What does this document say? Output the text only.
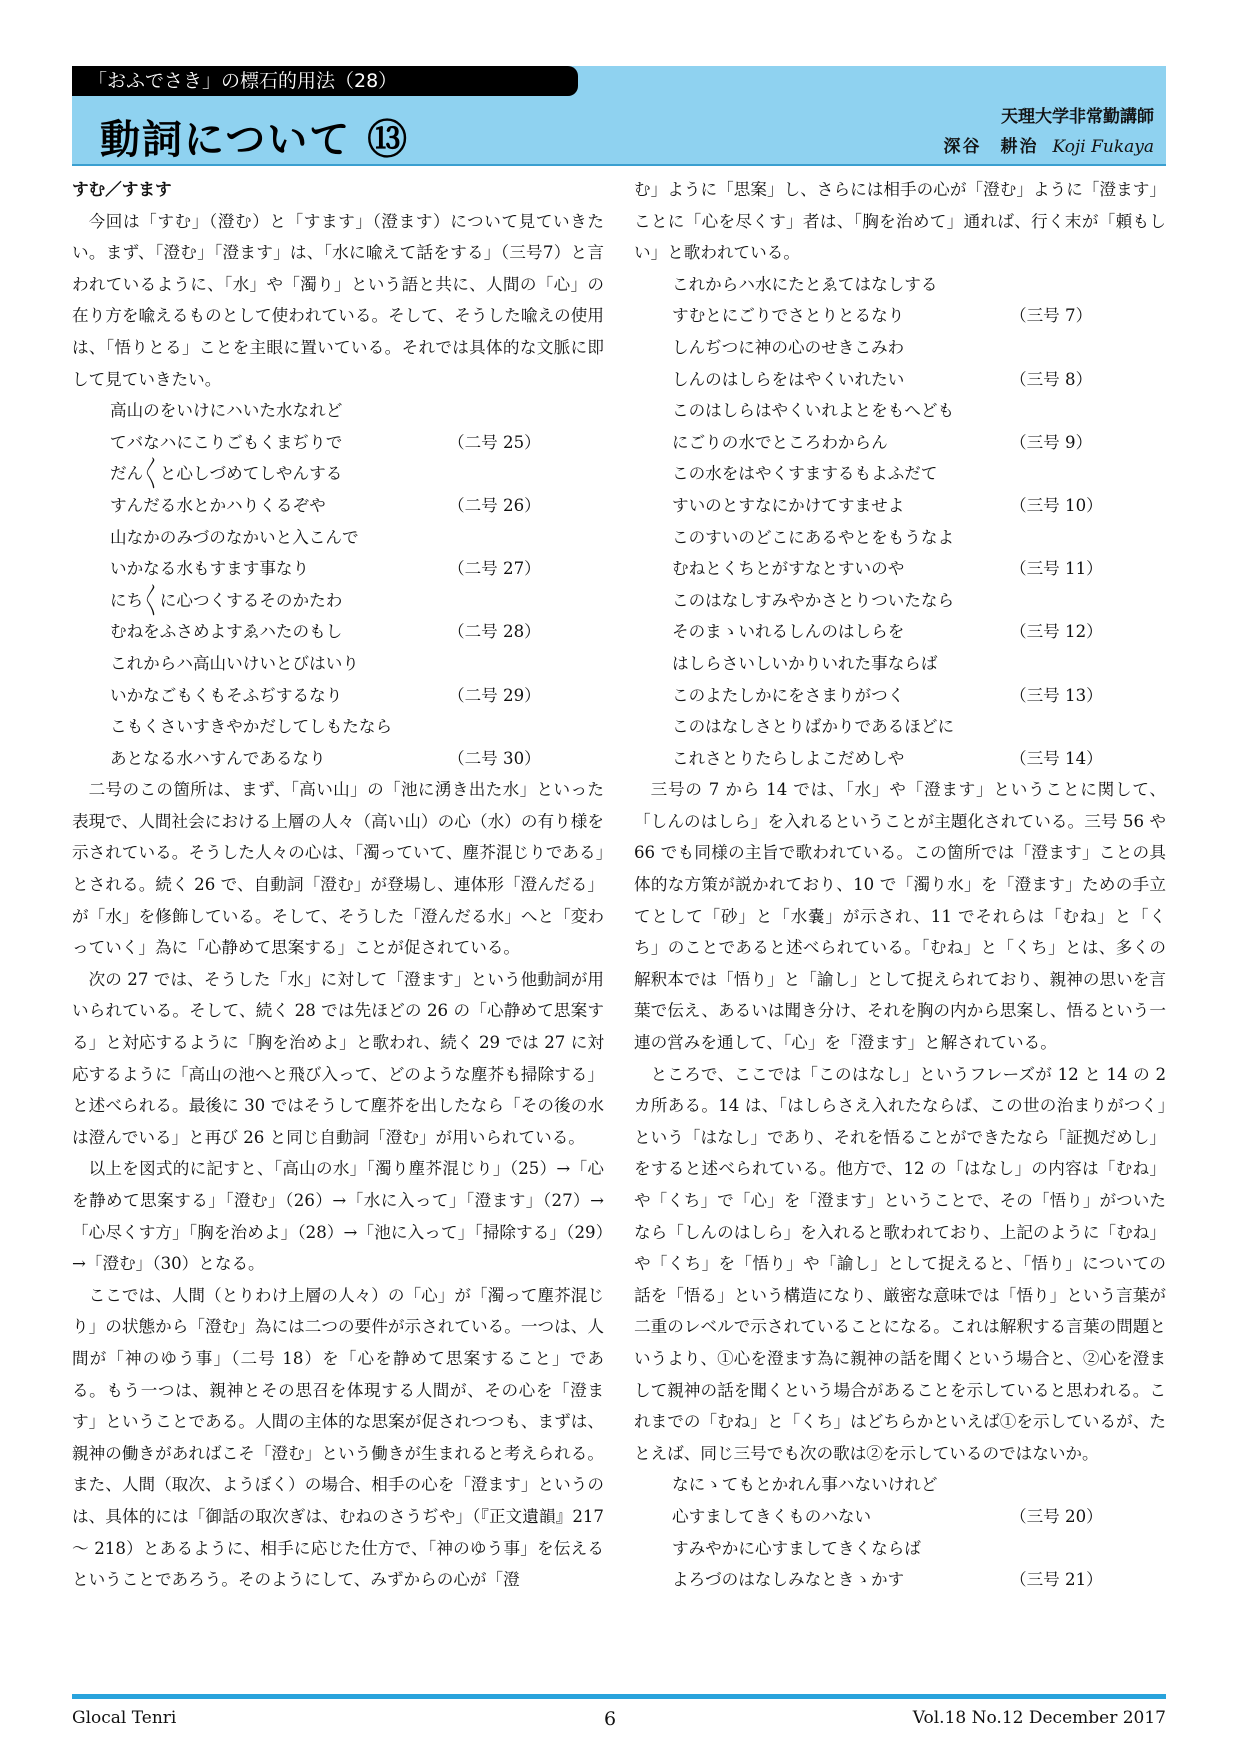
動詞について ⑬	天理大学非常勤講師
深谷　耕治 Koji Fukaya
「おふでさき」の標石的用法（28）
すむ／すます

今回は「すむ」（澄む）と「すます」（澄ます）について見ていきたい。まず、「澄む」「澄ます」は、「水に喩えて話をする」（三号7）と言われているように、「水」や「濁り」という語と共に、人間の「心」の在り方を喩えるものとして使われている。そして、そうした喩えの使用は、「悟りとる」ことを主眼に置いている。それでは具体的な文脈に即して見ていきたい。

高山のをいけにハいた水なれど
てバなハにこりごもくまぢりで	（二号 25）
だん〳〵と心しづめてしやんする
すんだる水とかハりくるぞや	（二号 26）
山なかのみづのなかいと入こんで
いかなる水もすます事なり	（二号 27）
にち〳〵に心つくするそのかたわ
むねをふさめよすゑハたのもし	（二号 28）
これからハ高山いけいとびはいり
いかなごもくもそふぢするなり	（二号 29）
こもくさいすきやかだしてしもたなら
あとなる水ハすんであるなり	（二号 30）

二号のこの箇所は、まず、「高い山」の「池に湧き出た水」といった表現で、人間社会における上層の人々（高い山）の心（水）の有り様を示されている。そうした人々の心は、「濁っていて、塵芥混じりである」とされる。続く 26 で、自動詞「澄む」が登場し、連体形「澄んだる」が「水」を修飾している。そして、そうした「澄んだる水」へと「変わっていく」為に「心静めて思案する」ことが促されている。

次の 27 では、そうした「水」に対して「澄ます」という他動詞が用いられている。そして、続く 28 では先ほどの 26 の「心静めて思案する」と対応するように「胸を治めよ」と歌われ、続く 29 では 27 に対応するように「高山の池へと飛び入って、どのような塵芥も掃除する」と述べられる。最後に 30 ではそうして塵芥を出したなら「その後の水は澄んでいる」と再び 26 と同じ自動詞「澄む」が用いられている。

以上を図式的に記すと、「高山の水」「濁り塵芥混じり」（25）→「心を静めて思案する」「澄む」（26）→「水に入って」「澄ます」（27）→「心尽くす方」「胸を治めよ」（28）→「池に入って」「掃除する」（29）→「澄む」（30）となる。

ここでは、人間（とりわけ上層の人々）の「心」が「濁って塵芥混じり」の状態から「澄む」為には二つの要件が示されている。一つは、人間が「神のゆう事」（二号 18）を「心を静めて思案すること」である。もう一つは、親神とその思召を体現する人間が、その心を「澄ます」ということである。人間の主体的な思案が促されつつも、まずは、親神の働きがあればこそ「澄む」という働きが生まれると考えられる。また、人間（取次、ようぼく）の場合、相手の心を「澄ます」というのは、具体的には「御話の取次ぎは、むねのさうぢや」（『正文遺韻』217 〜 218）とあるように、相手に応じた仕方で、「神のゆう事」を伝えるということであろう。そのようにして、みずからの心が「澄

む」ように「思案」し、さらには相手の心が「澄む」ように「澄ます」ことに「心を尽くす」者は、「胸を治めて」通れば、行く末が「頼もしい」と歌われている。

これからハ水にたとゑてはなしする
すむとにごりでさとりとるなり	（三号 7）
しんぢつに神の心のせきこみわ
しんのはしらをはやくいれたい	（三号 8）
このはしらはやくいれよとをもへども
にごりの水でところわからん	（三号 9）
この水をはやくすまするもよふだて
すいのとすなにかけてすませよ	（三号 10）
このすいのどこにあるやとをもうなよ
むねとくちとがすなとすいのや	（三号 11）
このはなしすみやかさとりついたなら
そのまゝいれるしんのはしらを	（三号 12）
はしらさいしいかりいれた事ならば
このよたしかにをさまりがつく	（三号 13）
このはなしさとりばかりであるほどに
これさとりたらしよこだめしや	（三号 14）

三号の 7 から 14 では、「水」や「澄ます」ということに関して、「しんのはしら」を入れるということが主題化されている。三号 56 や 66 でも同様の主旨で歌われている。この箇所では「澄ます」ことの具体的な方策が説かれており、10 で「濁り水」を「澄ます」ための手立てとして「砂」と「水嚢」が示され、11 でそれらは「むね」と「くち」のことであると述べられている。「むね」と「くち」とは、多くの解釈本では「悟り」と「諭し」として捉えられており、親神の思いを言葉で伝え、あるいは聞き分け、それを胸の内から思案し、悟るという一連の営みを通して、「心」を「澄ます」と解されている。

ところで、ここでは「このはなし」というフレーズが 12 と 14 の 2 カ所ある。14 は、「はしらさえ入れたならば、この世の治まりがつく」という「はなし」であり、それを悟ることができたなら「証拠だめし」をすると述べられている。他方で、12 の「はなし」の内容は「むね」や「くち」で「心」を「澄ます」ということで、その「悟り」がついたなら「しんのはしら」を入れると歌われており、上記のように「むね」や「くち」を「悟り」や「諭し」として捉えると、「悟り」についての話を「悟る」という構造になり、厳密な意味では「悟り」という言葉が二重のレベルで示されていることになる。これは解釈する言葉の問題というより、①心を澄ます為に親神の話を聞くという場合と、②心を澄まして親神の話を聞くという場合があることを示していると思われる。これまでの「むね」と「くち」はどちらかといえば①を示しているが、たとえば、同じ三号でも次の歌は②を示しているのではないか。

なにゝてもとかれん事ハないけれど
心すましてきくものハない	（三号 20）
すみやかに心すましてきくならば
よろづのはなしみなときゝかす	（三号 21）
Glocal Tenri	6	Vol.18 No.12 December 2017
